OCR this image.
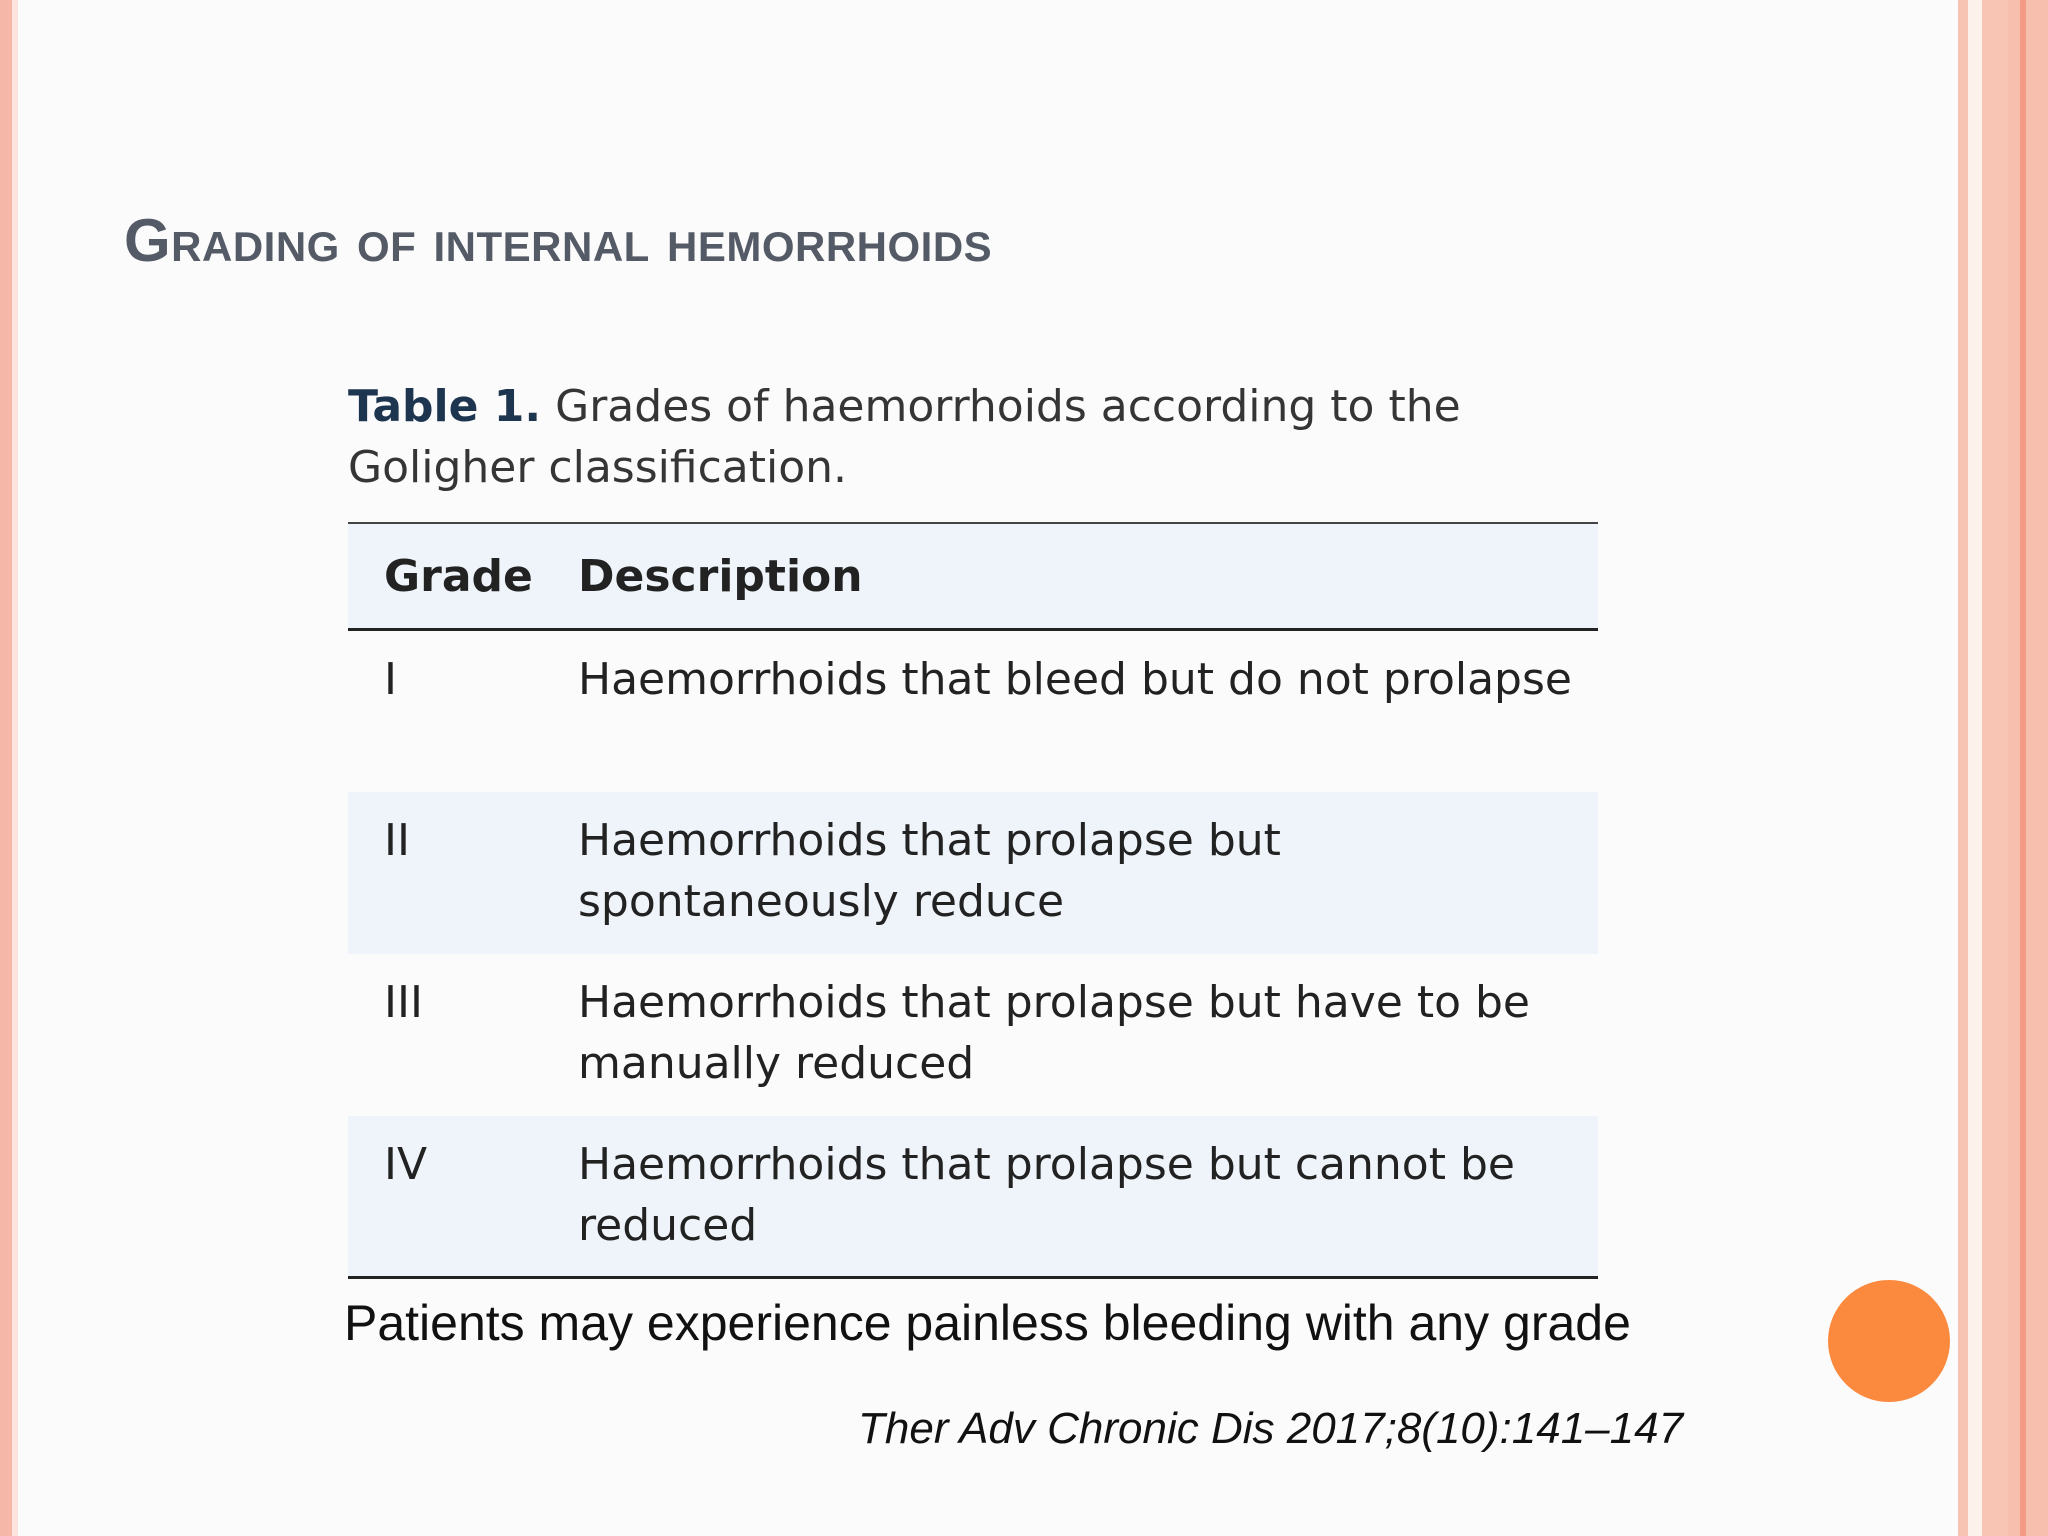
Grading of internal hemorrhoids
Table 1. Grades of haemorrhoids according to the Goligher classification.
Grade	Description
I	Haemorrhoids that bleed but do not prolapse
II	Haemorrhoids that prolapse but spontaneously reduce
III	Haemorrhoids that prolapse but have to be manually reduced
IV	Haemorrhoids that prolapse but cannot be reduced
Patients may experience painless bleeding with any grade
Ther Adv Chronic Dis 2017;8(10):141–147
